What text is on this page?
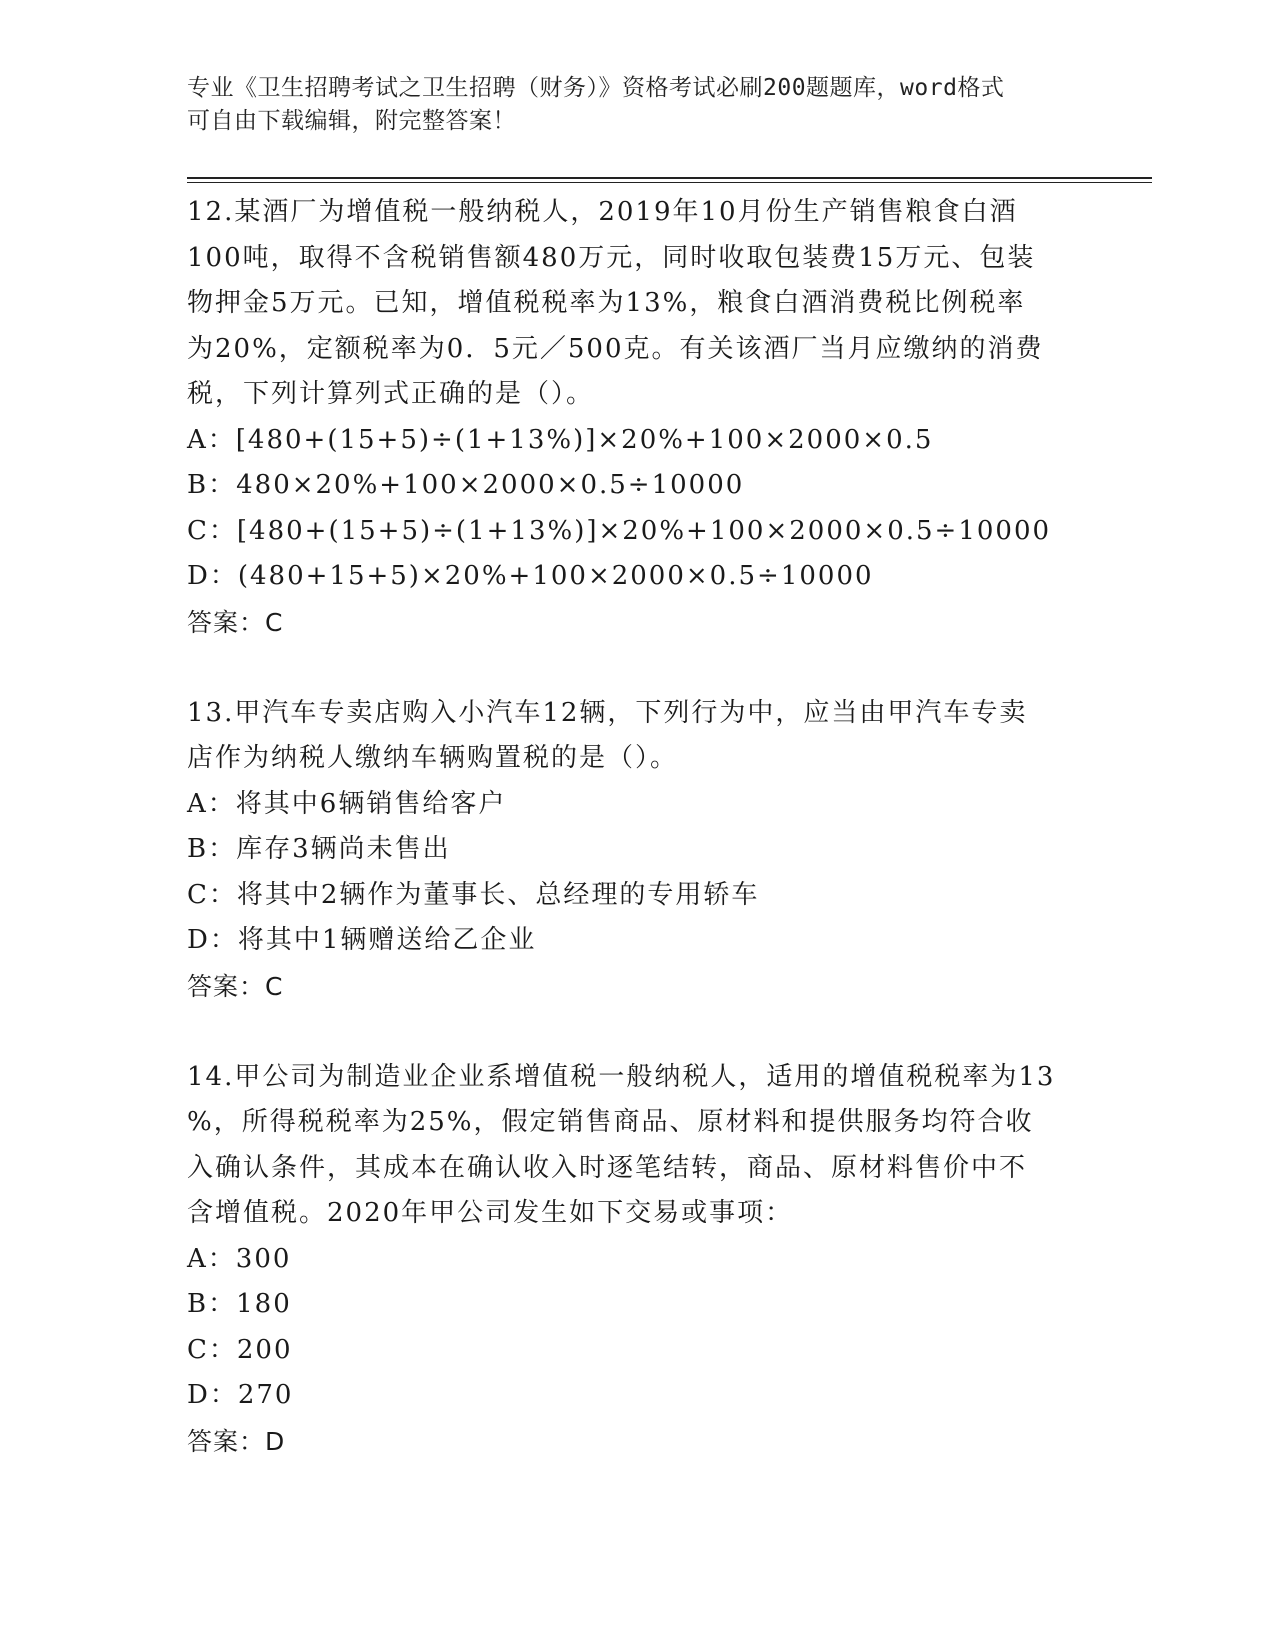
专业《卫生招聘考试之卫生招聘（财务）》资格考试必刷200题题库，word格式
可自由下载编辑，附完整答案！

12.某酒厂为增值税一般纳税人，2019年10月份生产销售粮食白酒

100吨，取得不含税销售额480万元，同时收取包装费15万元、包装

物押金5万元。已知，增值税税率为13%，粮食白酒消费税比例税率

为20%，定额税率为0．5元／500克。有关该酒厂当月应缴纳的消费

税，下列计算列式正确的是（）。

A：[480+(15+5)÷(1+13%)]×20%+100×2000×0.5

B：480×20%+100×2000×0.5÷10000

C：[480+(15+5)÷(1+13%)]×20%+100×2000×0.5÷10000

D：(480+15+5)×20%+100×2000×0.5÷10000

答案：C

13.甲汽车专卖店购入小汽车12辆，下列行为中，应当由甲汽车专卖

店作为纳税人缴纳车辆购置税的是（）。

A：将其中6辆销售给客户

B：库存3辆尚未售出

C：将其中2辆作为董事长、总经理的专用轿车

D：将其中1辆赠送给乙企业

答案：C

14.甲公司为制造业企业系增值税一般纳税人，适用的增值税税率为13

%，所得税税率为25%，假定销售商品、原材料和提供服务均符合收

入确认条件，其成本在确认收入时逐笔结转，商品、原材料售价中不

含增值税。2020年甲公司发生如下交易或事项：

A：300

B：180

C：200

D：270

答案：D
